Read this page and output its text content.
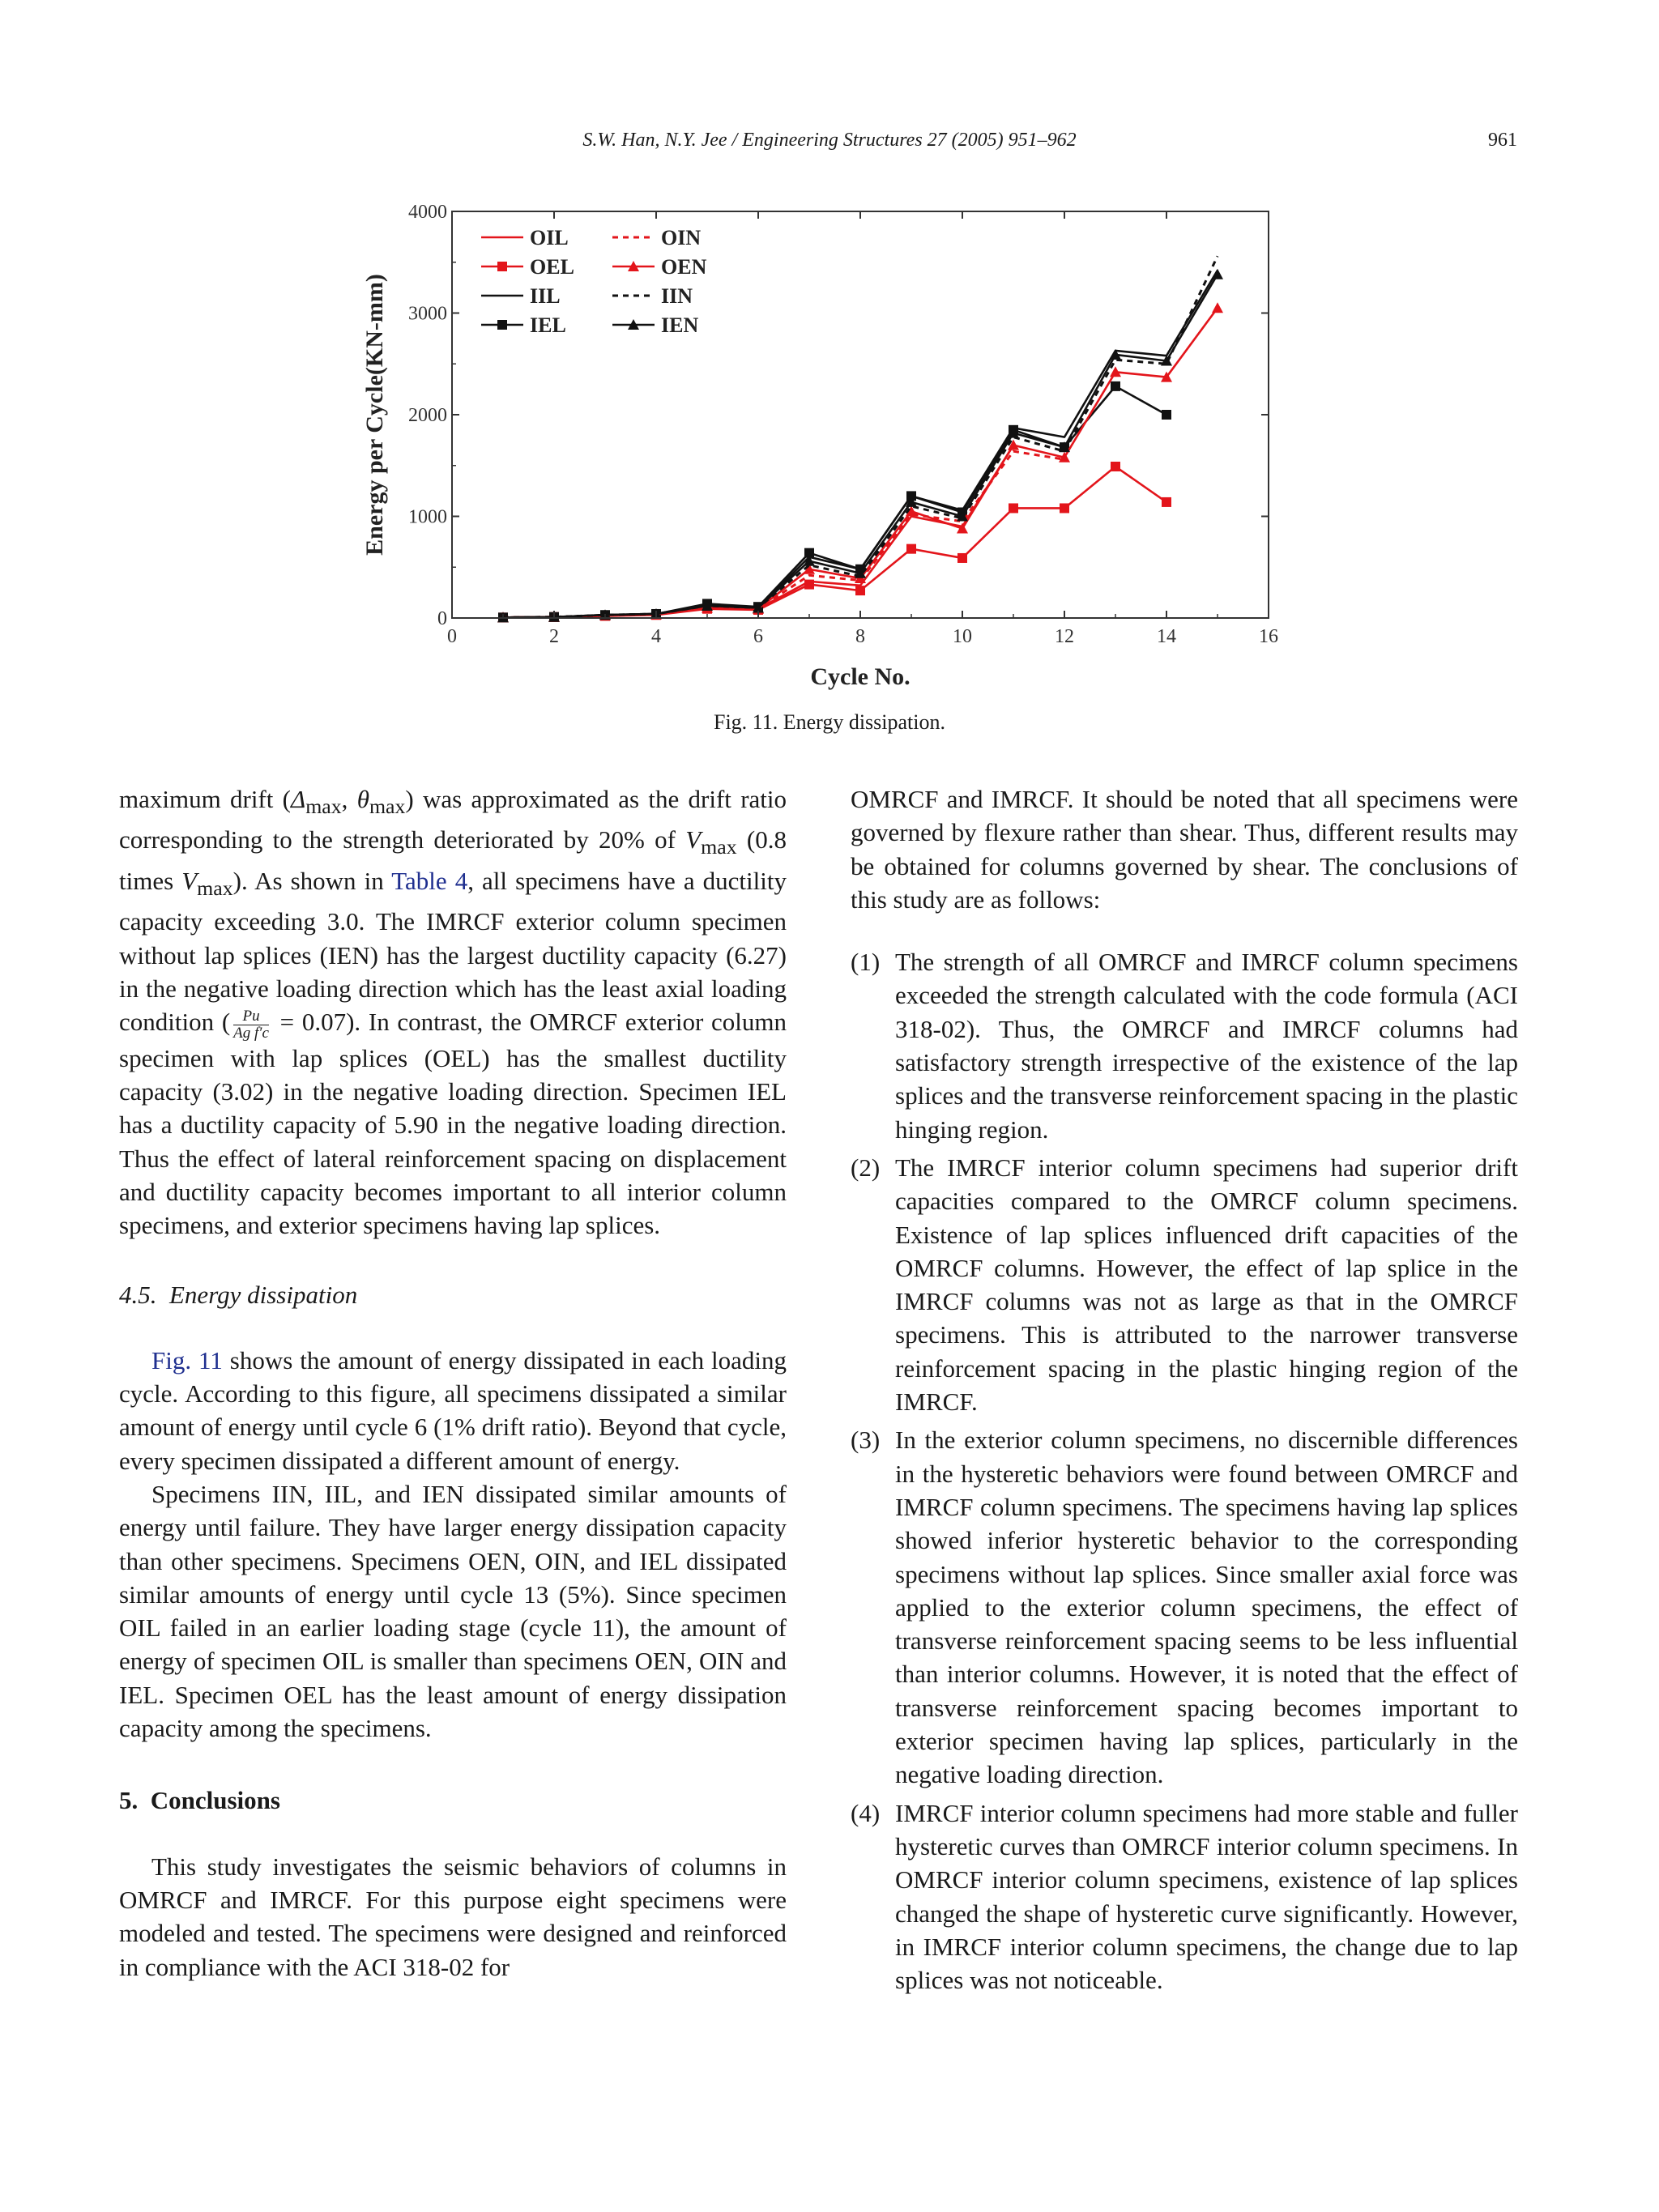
S.W. Han, N.Y. Jee / Engineering Structures 27 (2005) 951–962	961
OIL
OEL
IIL
IEL
OIN
OEN
IIN
IEN
0	2	4	6	8	10	12	14	16
0
1000
2000
3000
4000
Cycle No.
Energy per Cycle(KN-mm)
Fig. 11. Energy dissipation.

maximum drift ($\Delta_{max}$, $\theta_{max}$) was approximated as the drift ratio corresponding to the strength deteriorated by 20% of $V_{max}$ (0.8 times $V_{max}$). As shown in Table 4, all specimens have a ductility capacity exceeding 3.0. The IMRCF exterior column specimen without lap splices (IEN) has the largest ductility capacity (6.27) in the negative loading direction which has the least axial loading condition ( $\frac{Pu}{\text{Ag f′c}} = 0.07$). In contrast, the OMRCF exterior column specimen with lap splices (OEL) has the smallest ductility capacity (3.02) in the negative loading direction. Specimen IEL has a ductility capacity of 5.90 in the negative loading direction. Thus the effect of lateral reinforcement spacing on displacement and ductility capacity becomes important to all interior column specimens, and exterior specimens having lap splices.

4.5. Energy dissipation

Fig. 11 shows the amount of energy dissipated in each loading cycle. According to this figure, all specimens dissipated a similar amount of energy until cycle 6 (1% drift ratio). Beyond that cycle, every specimen dissipated a different amount of energy.

Specimens IIN, IIL, and IEN dissipated similar amounts of energy until failure. They have larger energy dissipation capacity than other specimens. Specimens OEN, OIN, and IEL dissipated similar amounts of energy until cycle 13 (5%). Since specimen OIL failed in an earlier loading stage (cycle 11), the amount of energy of specimen OIL is smaller than specimens OEN, OIN and IEL. Specimen OEL has the least amount of energy dissipation capacity among the specimens.

5. Conclusions

This study investigates the seismic behaviors of columns in OMRCF and IMRCF. For this purpose eight specimens were modeled and tested. The specimens were designed and reinforced in compliance with the ACI 318-02 for

OMRCF and IMRCF. It should be noted that all specimens were governed by flexure rather than shear. Thus, different results may be obtained for columns governed by shear. The conclusions of this study are as follows:

(1) The strength of all OMRCF and IMRCF column specimens exceeded the strength calculated with the code formula (ACI 318-02). Thus, the OMRCF and IMRCF columns had satisfactory strength irrespective of the existence of the lap splices and the transverse reinforcement spacing in the plastic hinging region.
(2) The IMRCF interior column specimens had superior drift capacities compared to the OMRCF column specimens. Existence of lap splices influenced drift capacities of the OMRCF columns. However, the effect of lap splice in the IMRCF columns was not as large as that in the OMRCF specimens. This is attributed to the narrower transverse reinforcement spacing in the plastic hinging region of the IMRCF.
(3) In the exterior column specimens, no discernible differences in the hysteretic behaviors were found between OMRCF and IMRCF column specimens. The specimens having lap splices showed inferior hysteretic behavior to the corresponding specimens without lap splices. Since smaller axial force was applied to the exterior column specimens, the effect of transverse reinforcement spacing seems to be less influential than interior columns. However, it is noted that the effect of transverse reinforcement spacing becomes important to exterior specimen having lap splices, particularly in the negative loading direction.
(4) IMRCF interior column specimens had more stable and fuller hysteretic curves than OMRCF interior column specimens. In OMRCF interior column specimens, existence of lap splices changed the shape of hysteretic curve significantly. However, in IMRCF interior column specimens, the change due to lap splices was not noticeable.
